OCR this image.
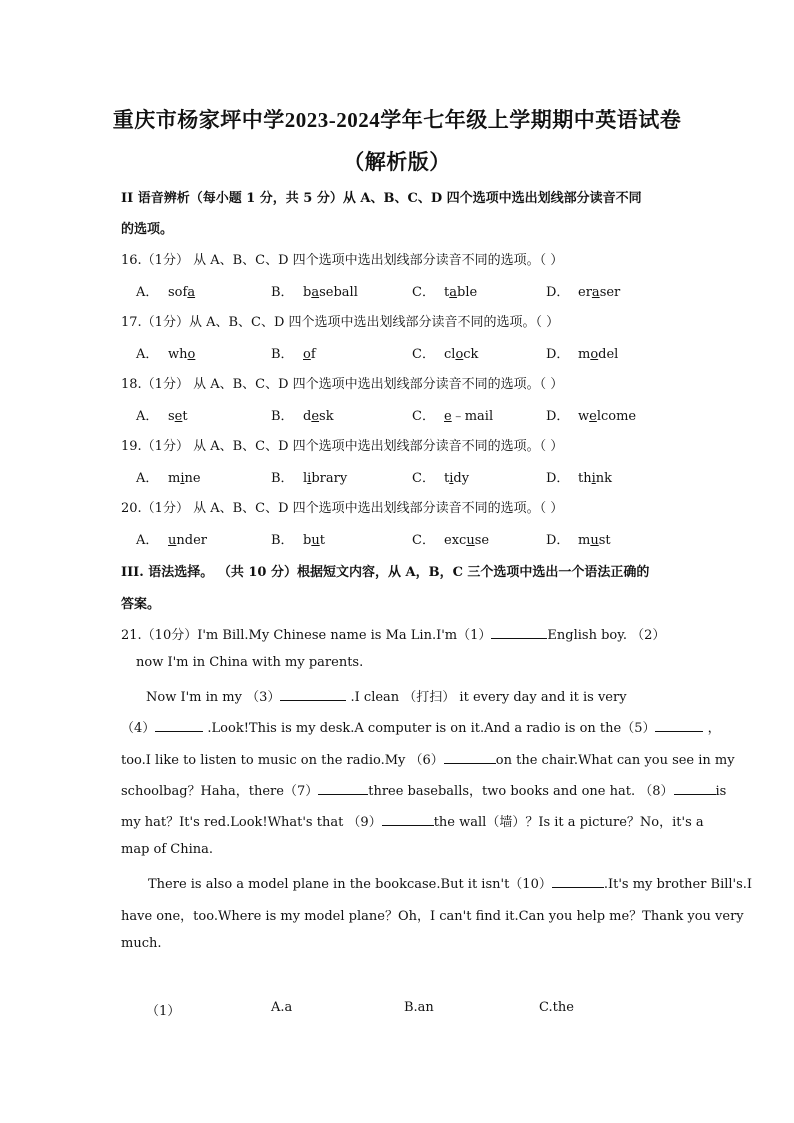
重庆市杨家坪中学2023-2024学年七年级上学期期中英语试卷
（解析版）
II 语音辨析（每小题 1 分，共 5 分）从 A、B、C、D 四个选项中选出划线部分读音不同
的选项。
16.（1分） 从 A、B、C、D 四个选项中选出划线部分读音不同的选项。（ ）
A． sofa	B． baseball	C． table	D． eraser
17.（1分）从 A、B、C、D 四个选项中选出划线部分读音不同的选项。（ ）
A． who	B． of	C． clock	D． model
18.（1分） 从 A、B、C、D 四个选项中选出划线部分读音不同的选项。（ ）
A． set	B． desk	C． e﹣mail	D． welcome
19.（1分） 从 A、B、C、D 四个选项中选出划线部分读音不同的选项。（ ）
A． mine	B． library	C． tidy	D． think
20.（1分） 从 A、B、C、D 四个选项中选出划线部分读音不同的选项。（ ）
A． under	B． but	C． excuse	D． must
III. 语法选择。 （共 10 分）根据短文内容，从 A，B，C 三个选项中选出一个语法正确的
答案。
21.（10分）I'm Bill.My Chinese name is Ma Lin.I'm（1）	English boy. （2）
now I'm in China with my parents.
Now I'm in my （3）	.I clean （打扫） it every day and it is very
（4）	.Look!This is my desk.A computer is on it.And a radio is on the（5）	，
too.I like to listen to music on the radio.My （6）	on the chair.What can you see in my
schoolbag？Haha，there（7）	three baseballs，two books and one hat. （8）	is
my hat？It's red.Look!What's that （9）	the wall（墙）？Is it a picture？No，it's a
map of China.
There is also a model plane in the bookcase.But it isn't（10）	.It's my brother Bill's.I
have one，too.Where is my model plane？Oh，I can't find it.Can you help me？Thank you very
much.
（1）	A.a	B.an	C.the
